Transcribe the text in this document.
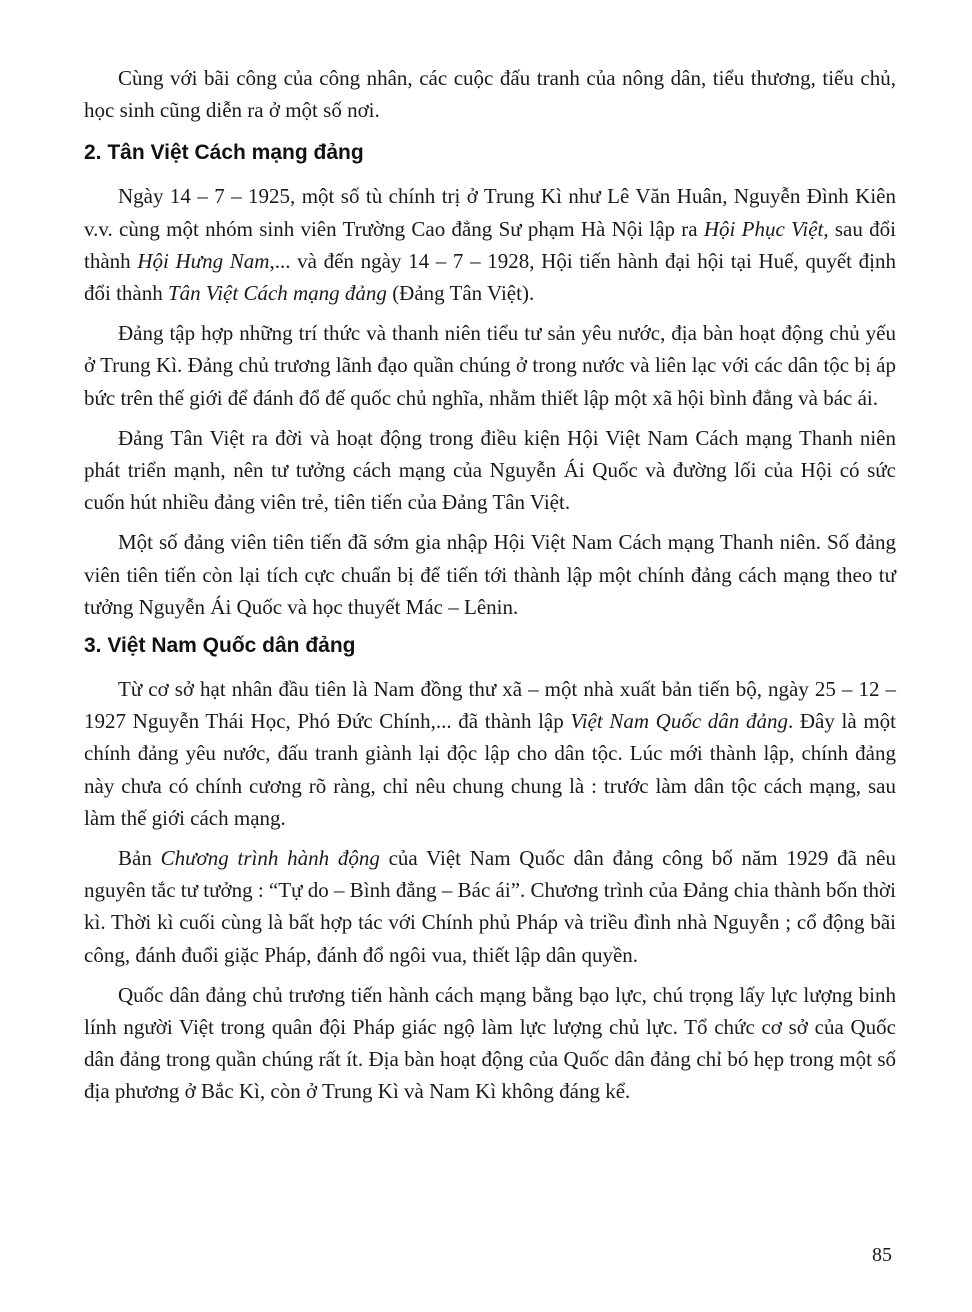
Cùng với bãi công của công nhân, các cuộc đấu tranh của nông dân, tiểu thương, tiểu chủ, học sinh cũng diễn ra ở một số nơi.

2. Tân Việt Cách mạng đảng

Ngày 14 – 7 – 1925, một số tù chính trị ở Trung Kì như Lê Văn Huân, Nguyễn Đình Kiên v.v. cùng một nhóm sinh viên Trường Cao đẳng Sư phạm Hà Nội lập ra Hội Phục Việt, sau đổi thành Hội Hưng Nam,... và đến ngày 14 – 7 – 1928, Hội tiến hành đại hội tại Huế, quyết định đổi thành Tân Việt Cách mạng đảng (Đảng Tân Việt).

Đảng tập hợp những trí thức và thanh niên tiểu tư sản yêu nước, địa bàn hoạt động chủ yếu ở Trung Kì. Đảng chủ trương lãnh đạo quần chúng ở trong nước và liên lạc với các dân tộc bị áp bức trên thế giới để đánh đổ đế quốc chủ nghĩa, nhằm thiết lập một xã hội bình đẳng và bác ái.

Đảng Tân Việt ra đời và hoạt động trong điều kiện Hội Việt Nam Cách mạng Thanh niên phát triển mạnh, nên tư tưởng cách mạng của Nguyễn Ái Quốc và đường lối của Hội có sức cuốn hút nhiều đảng viên trẻ, tiên tiến của Đảng Tân Việt.

Một số đảng viên tiên tiến đã sớm gia nhập Hội Việt Nam Cách mạng Thanh niên. Số đảng viên tiên tiến còn lại tích cực chuẩn bị để tiến tới thành lập một chính đảng cách mạng theo tư tưởng Nguyễn Ái Quốc và học thuyết Mác – Lênin.

3. Việt Nam Quốc dân đảng

Từ cơ sở hạt nhân đầu tiên là Nam đồng thư xã – một nhà xuất bản tiến bộ, ngày 25 – 12 – 1927 Nguyễn Thái Học, Phó Đức Chính,... đã thành lập Việt Nam Quốc dân đảng. Đây là một chính đảng yêu nước, đấu tranh giành lại độc lập cho dân tộc. Lúc mới thành lập, chính đảng này chưa có chính cương rõ ràng, chỉ nêu chung chung là : trước làm dân tộc cách mạng, sau làm thế giới cách mạng.

Bản Chương trình hành động của Việt Nam Quốc dân đảng công bố năm 1929 đã nêu nguyên tắc tư tưởng : “Tự do – Bình đẳng – Bác ái”. Chương trình của Đảng chia thành bốn thời kì. Thời kì cuối cùng là bất hợp tác với Chính phủ Pháp và triều đình nhà Nguyễn ; cổ động bãi công, đánh đuổi giặc Pháp, đánh đổ ngôi vua, thiết lập dân quyền.

Quốc dân đảng chủ trương tiến hành cách mạng bằng bạo lực, chú trọng lấy lực lượng binh lính người Việt trong quân đội Pháp giác ngộ làm lực lượng chủ lực. Tổ chức cơ sở của Quốc dân đảng trong quần chúng rất ít. Địa bàn hoạt động của Quốc dân đảng chỉ bó hẹp trong một số địa phương ở Bắc Kì, còn ở Trung Kì và Nam Kì không đáng kể.

85
